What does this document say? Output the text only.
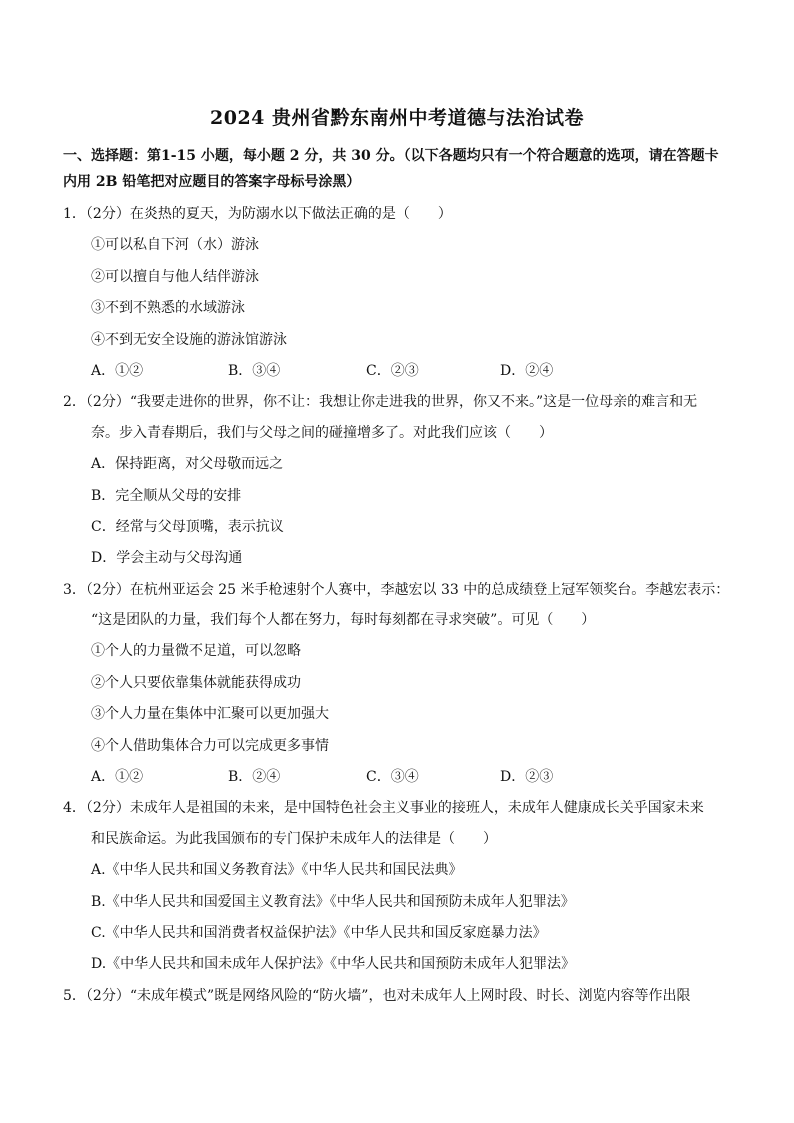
2024 贵州省黔东南州中考道德与法治试卷
一、选择题：第1-15 小题，每小题 2 分，共 30 分。（以下各题均只有一个符合题意的选项，请在答题卡
内用 2B 铅笔把对应题目的答案字母标号涂黑）
1．（2分）在炎热的夏天，为防溺水以下做法正确的是（　　）
①可以私自下河（水）游泳
②可以擅自与他人结伴游泳
③不到不熟悉的水域游泳
④不到无安全设施的游泳馆游泳
A．①②	B．③④	C．②③	D．②④
2．（2分）“我要走进你的世界，你不让：我想让你走进我的世界，你又不来。”这是一位母亲的难言和无
奈。步入青春期后，我们与父母之间的碰撞增多了。对此我们应该（　　）
A．保持距离，对父母敬而远之
B．完全顺从父母的安排
C．经常与父母顶嘴，表示抗议
D．学会主动与父母沟通
3．（2分）在杭州亚运会 25 米手枪速射个人赛中，李越宏以 33 中的总成绩登上冠军领奖台。李越宏表示：
“这是团队的力量，我们每个人都在努力，每时每刻都在寻求突破”。可见（　　）
①个人的力量微不足道，可以忽略
②个人只要依靠集体就能获得成功
③个人力量在集体中汇聚可以更加强大
④个人借助集体合力可以完成更多事情
A．①②	B．②④	C．③④	D．②③
4．（2分）未成年人是祖国的未来，是中国特色社会主义事业的接班人，未成年人健康成长关乎国家未来
和民族命运。为此我国颁布的专门保护未成年人的法律是（　　）
A.《中华人民共和国义务教育法》《中华人民共和国民法典》
B.《中华人民共和国爱国主义教育法》《中华人民共和国预防未成年人犯罪法》
C.《中华人民共和国消费者权益保护法》《中华人民共和国反家庭暴力法》
D.《中华人民共和国未成年人保护法》《中华人民共和国预防未成年人犯罪法》
5．（2分）“未成年模式”既是网络风险的“防火墙”，也对未成年人上网时段、时长、浏览内容等作出限
